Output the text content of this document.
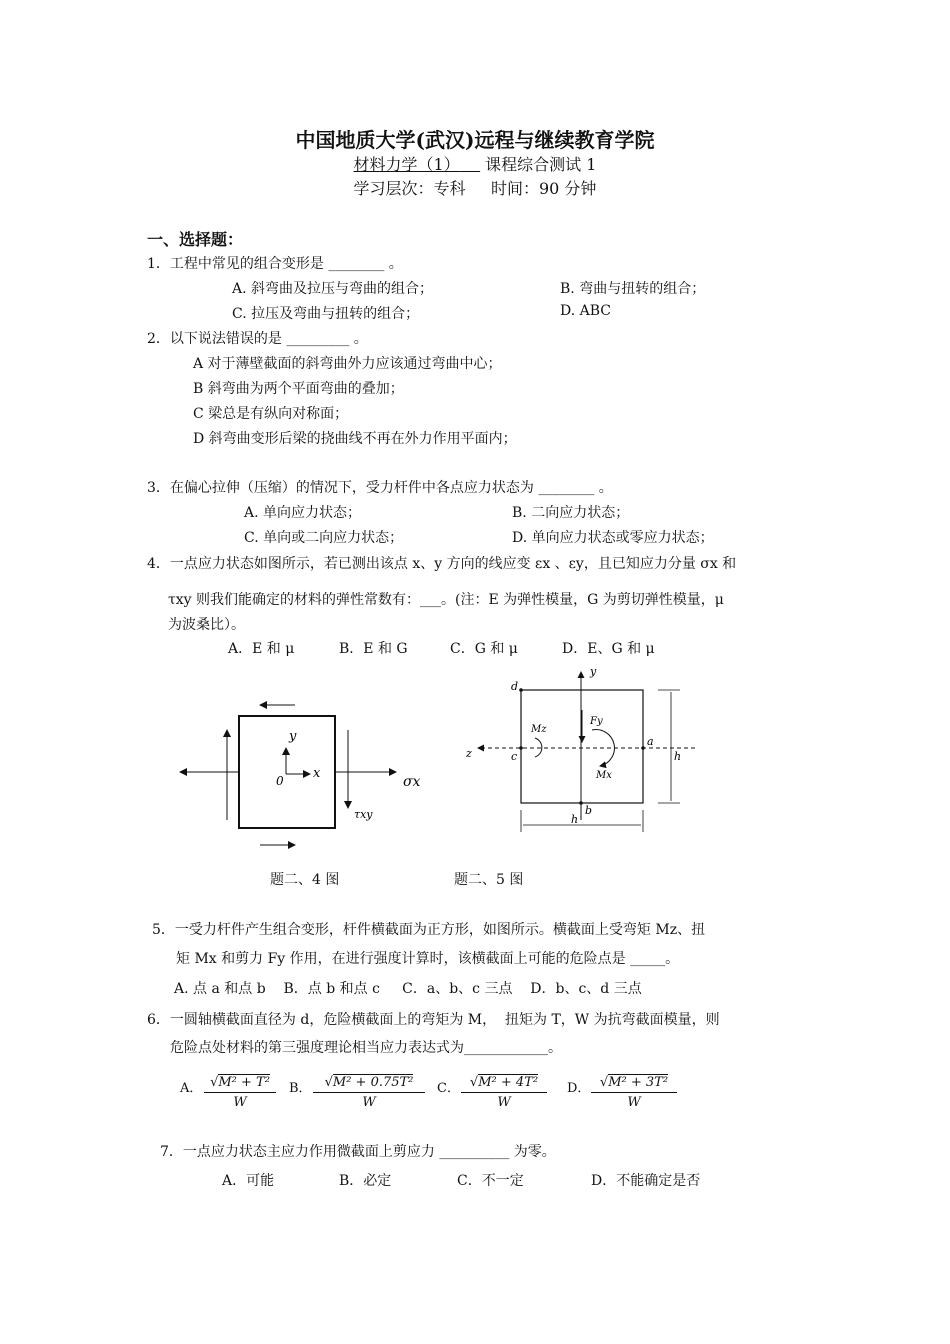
中国地质大学(武汉)远程与继续教育学院
材料力学（1） 课程综合测试 1
学习层次：专科     时间：90 分钟
一、选择题：
1．工程中常见的组合变形是 ________ 。
A. 斜弯曲及拉压与弯曲的组合；	B. 弯曲与扭转的组合；
C. 拉压及弯曲与扭转的组合；	D. ABC
2．以下说法错误的是 _________ 。
A 对于薄壁截面的斜弯曲外力应该通过弯曲中心；
B 斜弯曲为两个平面弯曲的叠加；
C 梁总是有纵向对称面；
D 斜弯曲变形后梁的挠曲线不再在外力作用平面内；
3．在偏心拉伸（压缩）的情况下，受力杆件中各点应力状态为 ________ 。
A. 单向应力状态；	B. 二向应力状态；
C. 单向或二向应力状态；	D. 单向应力状态或零应力状态；
4．一点应力状态如图所示，若已测出该点 x、y 方向的线应变 εx 、εy，且已知应力分量 σx 和
τxy 则我们能确定的材料的弹性常数有：___。(注：E 为弹性模量，G 为剪切弹性模量，μ
为波桑比）。
A．E 和 μ	B．E 和 G	C．G 和 μ	D．E、G 和 μ
y
x
0	σx
τxy
y
z
d
a
b
c	h
h
Mz
Fy
Mx
题二、4 图	题二、5 图
5．一受力杆件产生组合变形，杆件横截面为正方形，如图所示。横截面上受弯矩 Mz、扭
矩 Mx 和剪力 Fy 作用，在进行强度计算时，该横截面上可能的危险点是 _____。
A. 点 a 和点 b    B．点 b 和点 c     C．a、b、c 三点    D．b、c、d 三点
6．一圆轴横截面直径为 d，危险横截面上的弯矩为 M，  扭矩为 T，W 为抗弯截面模量，则
危险点处材料的第三强度理论相当应力表达式为____________。
A． √M² + T²
W
B．	√M² + 0.75T²
W
C． √M² + 4T²
W
D． √M² + 3T²
W
7．一点应力状态主应力作用微截面上剪应力 __________ 为零。
A．可能	B．必定	C．不一定	D．不能确定是否
